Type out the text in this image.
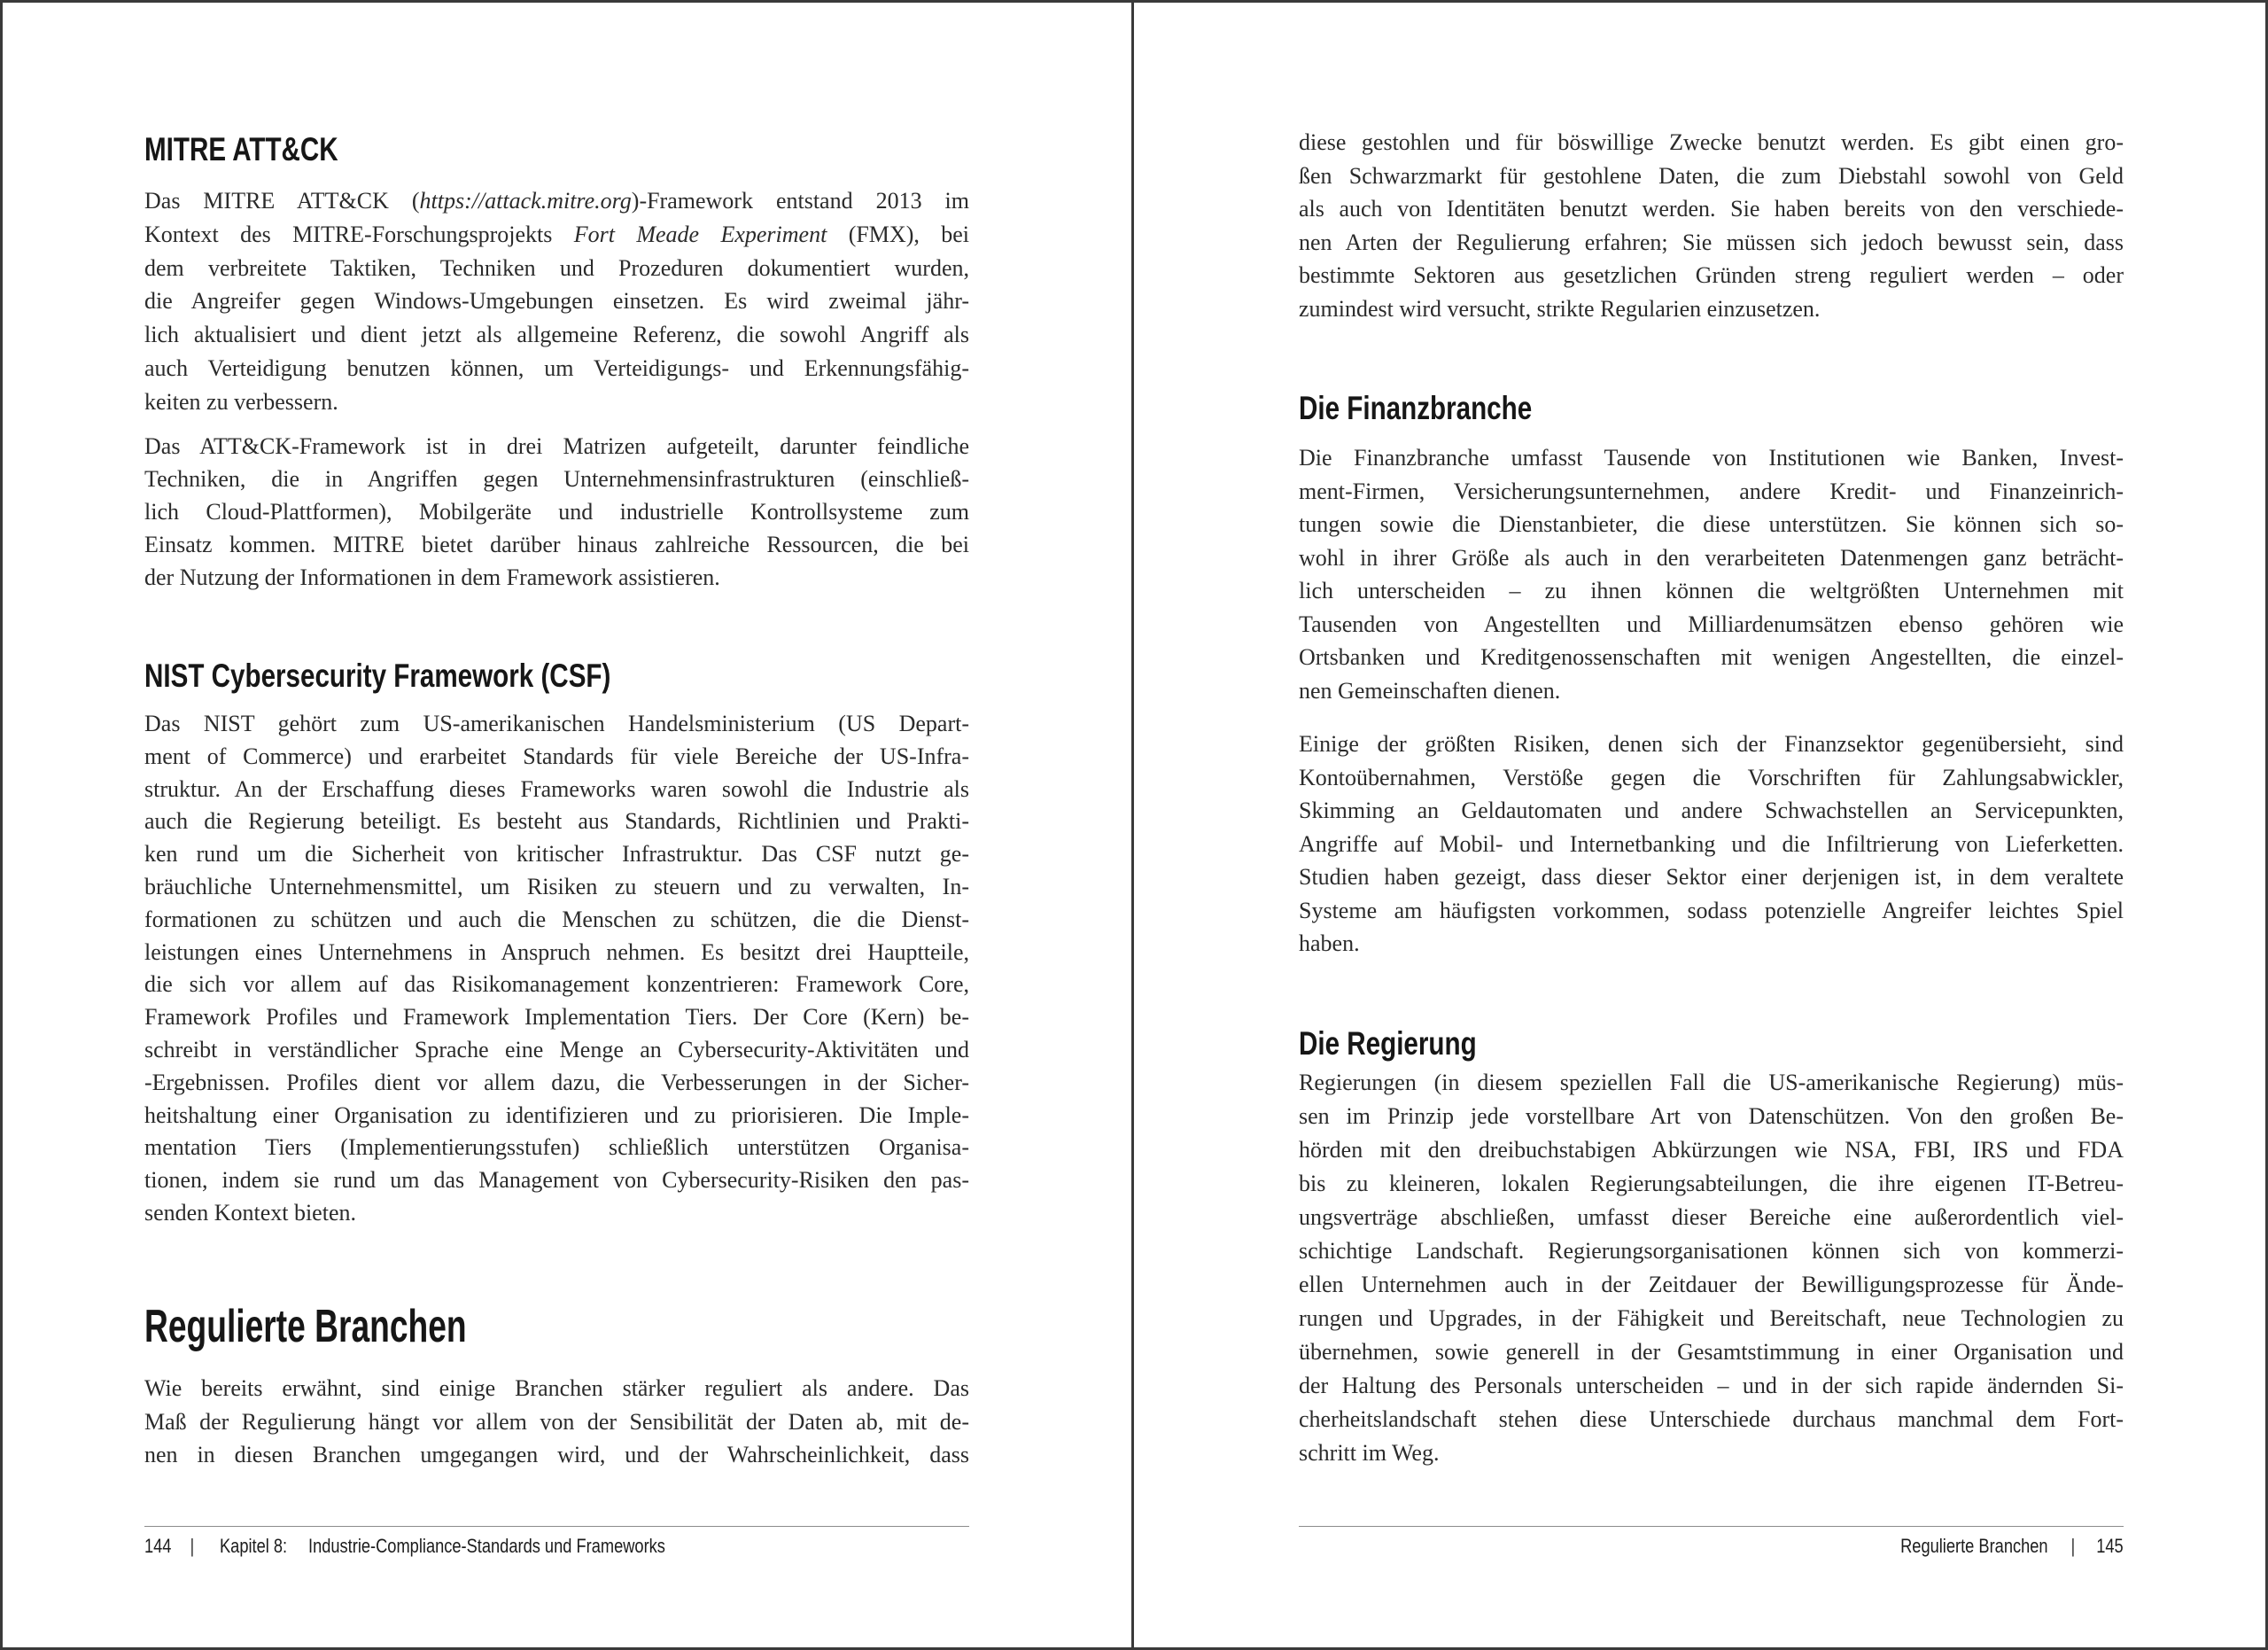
MITRE ATT&CK
Das MITRE ATT&CK (https://attack.mitre.org)-Framework entstand 2013 im
Kontext des MITRE-Forschungsprojekts Fort Meade Experiment (FMX), bei
dem verbreitete Taktiken, Techniken und Prozeduren dokumentiert wurden,
die Angreifer gegen Windows-Umgebungen einsetzen. Es wird zweimal jähr-
lich aktualisiert und dient jetzt als allgemeine Referenz, die sowohl Angriff als
auch Verteidigung benutzen können, um Verteidigungs- und Erkennungsfähig-
keiten zu verbessern.
Das ATT&CK-Framework ist in drei Matrizen aufgeteilt, darunter feindliche
Techniken, die in Angriffen gegen Unternehmensinfrastrukturen (einschließ-
lich Cloud-Plattformen), Mobilgeräte und industrielle Kontrollsysteme zum
Einsatz kommen. MITRE bietet darüber hinaus zahlreiche Ressourcen, die bei
der Nutzung der Informationen in dem Framework assistieren.
NIST Cybersecurity Framework (CSF)
Das NIST gehört zum US-amerikanischen Handelsministerium (US Depart-
ment of Commerce) und erarbeitet Standards für viele Bereiche der US-Infra-
struktur. An der Erschaffung dieses Frameworks waren sowohl die Industrie als
auch die Regierung beteiligt. Es besteht aus Standards, Richtlinien und Prakti-
ken rund um die Sicherheit von kritischer Infrastruktur. Das CSF nutzt ge-
bräuchliche Unternehmensmittel, um Risiken zu steuern und zu verwalten, In-
formationen zu schützen und auch die Menschen zu schützen, die die Dienst-
leistungen eines Unternehmens in Anspruch nehmen. Es besitzt drei Hauptteile,
die sich vor allem auf das Risikomanagement konzentrieren: Framework Core,
Framework Profiles und Framework Implementation Tiers. Der Core (Kern) be-
schreibt in verständlicher Sprache eine Menge an Cybersecurity-Aktivitäten und
-Ergebnissen. Profiles dient vor allem dazu, die Verbesserungen in der Sicher-
heitshaltung einer Organisation zu identifizieren und zu priorisieren. Die Imple-
mentation Tiers (Implementierungsstufen) schließlich unterstützen Organisa-
tionen, indem sie rund um das Management von Cybersecurity-Risiken den pas-
senden Kontext bieten.
Regulierte Branchen
Wie bereits erwähnt, sind einige Branchen stärker reguliert als andere. Das
Maß der Regulierung hängt vor allem von der Sensibilität der Daten ab, mit de-
nen in diesen Branchen umgegangen wird, und der Wahrscheinlichkeit, dass
144 | Kapitel 8: Industrie-Compliance-Standards und Frameworks
diese gestohlen und für böswillige Zwecke benutzt werden. Es gibt einen gro-
ßen Schwarzmarkt für gestohlene Daten, die zum Diebstahl sowohl von Geld
als auch von Identitäten benutzt werden. Sie haben bereits von den verschiede-
nen Arten der Regulierung erfahren; Sie müssen sich jedoch bewusst sein, dass
bestimmte Sektoren aus gesetzlichen Gründen streng reguliert werden – oder
zumindest wird versucht, strikte Regularien einzusetzen.
Die Finanzbranche
Die Finanzbranche umfasst Tausende von Institutionen wie Banken, Invest-
ment-Firmen, Versicherungsunternehmen, andere Kredit- und Finanzeinrich-
tungen sowie die Dienstanbieter, die diese unterstützen. Sie können sich so-
wohl in ihrer Größe als auch in den verarbeiteten Datenmengen ganz beträcht-
lich unterscheiden – zu ihnen können die weltgrößten Unternehmen mit
Tausenden von Angestellten und Milliardenumsätzen ebenso gehören wie
Ortsbanken und Kreditgenossenschaften mit wenigen Angestellten, die einzel-
nen Gemeinschaften dienen.
Einige der größten Risiken, denen sich der Finanzsektor gegenübersieht, sind
Kontoübernahmen, Verstöße gegen die Vorschriften für Zahlungsabwickler,
Skimming an Geldautomaten und andere Schwachstellen an Servicepunkten,
Angriffe auf Mobil- und Internetbanking und die Infiltrierung von Lieferketten.
Studien haben gezeigt, dass dieser Sektor einer derjenigen ist, in dem veraltete
Systeme am häufigsten vorkommen, sodass potenzielle Angreifer leichtes Spiel
haben.
Die Regierung
Regierungen (in diesem speziellen Fall die US-amerikanische Regierung) müs-
sen im Prinzip jede vorstellbare Art von Datenschützen. Von den großen Be-
hörden mit den dreibuchstabigen Abkürzungen wie NSA, FBI, IRS und FDA
bis zu kleineren, lokalen Regierungsabteilungen, die ihre eigenen IT-Betreu-
ungsverträge abschließen, umfasst dieser Bereiche eine außerordentlich viel-
schichtige Landschaft. Regierungsorganisationen können sich von kommerzi-
ellen Unternehmen auch in der Zeitdauer der Bewilligungsprozesse für Ände-
rungen und Upgrades, in der Fähigkeit und Bereitschaft, neue Technologien zu
übernehmen, sowie generell in der Gesamtstimmung in einer Organisation und
der Haltung des Personals unterscheiden – und in der sich rapide ändernden Si-
cherheitslandschaft stehen diese Unterschiede durchaus manchmal dem Fort-
schritt im Weg.
Regulierte Branchen | 145
